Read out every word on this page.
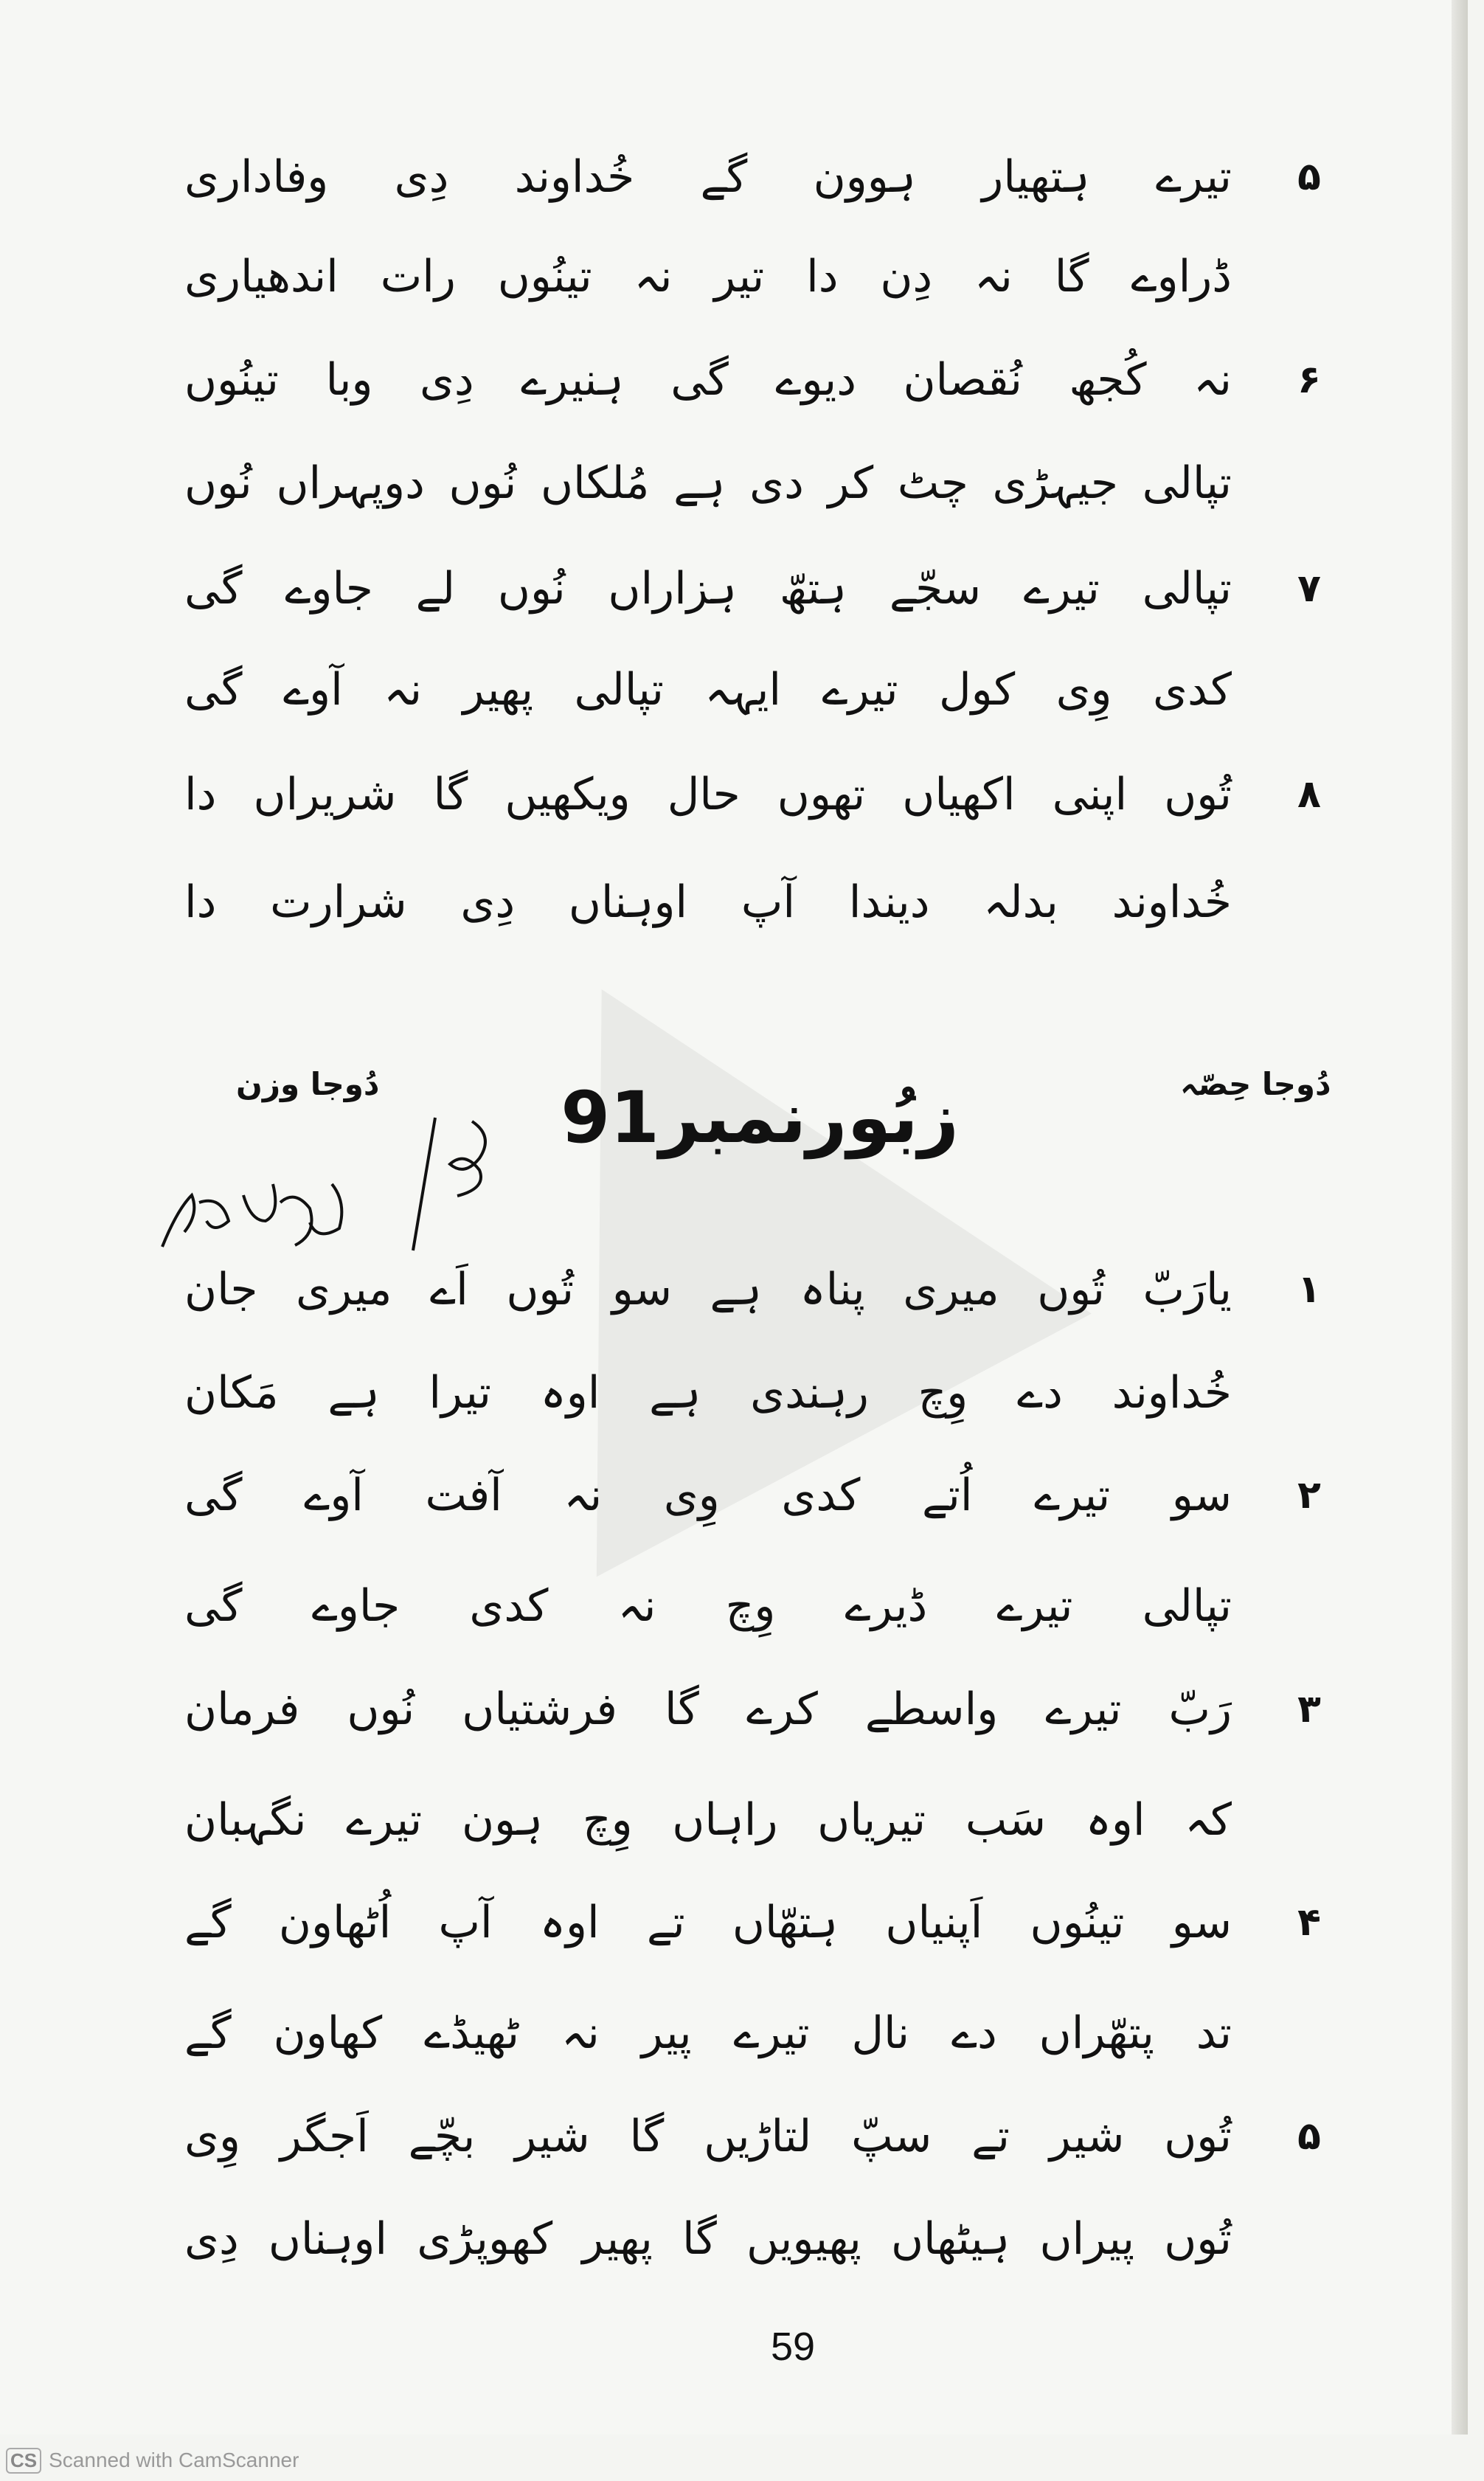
۵
تیرے ہتھیار ہوون گے خُداوند دِی وفاداری
ڈراوے گا نہ دِن دا تیر نہ تینُوں رات اندھیاری
۶
نہ کُجھ نُقصان دیوے گی ہنیرے دِی وبا تینُوں
تپالی جیہڑی چٹ کر دی ہے مُلکاں نُوں دوپہراں نُوں
۷
تپالی تیرے سجّے ہتھّ ہزاراں نُوں لے جاوے گی
کدی وِی کول تیرے ایہہ تپالی پھیر نہ آوے گی
۸
تُوں اپنی اکھیاں تھوں حال ویکھیں گا شریراں دا
خُداوند بدلہ دیندا آپ اوہناں دِی شرارت دا
دُوجا حِصّہ
زبُورنمبر91
دُوجا وزن
۱
یارَبّ تُوں میری پناہ ہے سو تُوں اَے میری جان
خُداوند دے وِچ رہندی ہے اوہ تیرا ہے مَکان
۲
سو تیرے اُتے کدی وِی نہ آفت آوے گی
تپالی تیرے ڈیرے وِچ نہ کدی جاوے گی
۳
رَبّ تیرے واسطے کرے گا فرشتیاں نُوں فرمان
کہ اوہ سَب تیریاں راہاں وِچ ہون تیرے نگہبان
۴
سو تینُوں اَپنیاں ہتھّاں تے اوہ آپ اُٹھاون گے
تد پتھّراں دے نال تیرے پیر نہ ٹھیڈے کھاون گے
۵
تُوں شیر تے سپّ لتاڑیں گا شیر بچّے اَجگر وِی
تُوں پیراں ہیٹھاں پھیویں گا پھیر کھوپڑی اوہناں دِی
59
CS Scanned with CamScanner
